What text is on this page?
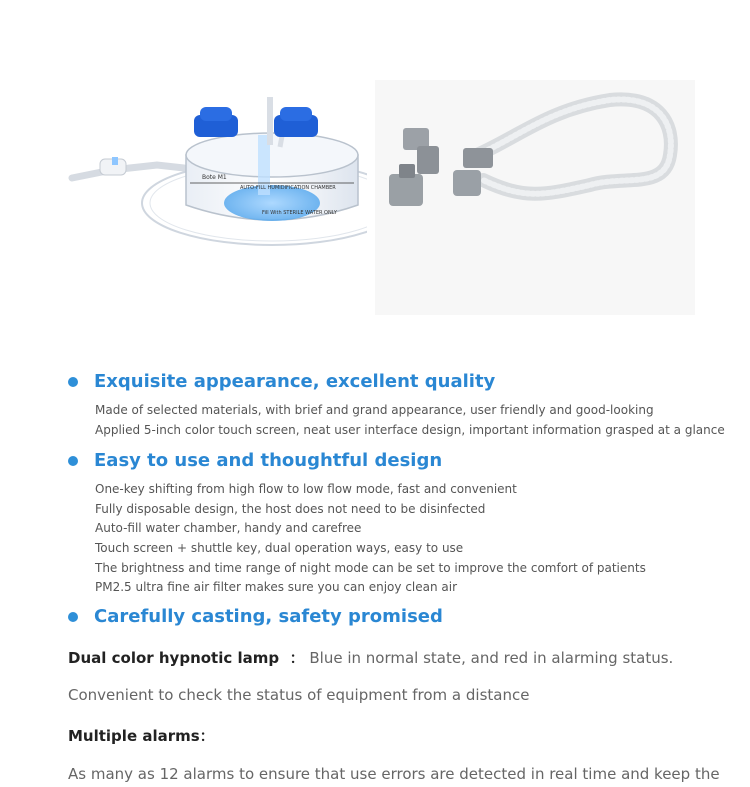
Bote M1
AUTO-FILL HUMIDIFICATION CHAMBER
Fill With STERILE WATER ONLY
Exquisite appearance, excellent quality
Made of selected materials, with brief and grand appearance, user friendly and good-looking
Applied 5-inch color touch screen, neat user interface design, important information grasped at a glance
Easy to use and thoughtful design
One-key shifting from high flow to low flow mode, fast and convenient
Fully disposable design, the host does not need to be disinfected
Auto-fill water chamber, handy and carefree
Touch screen + shuttle key, dual operation ways, easy to use
The brightness and time range of night mode can be set to improve the comfort of patients
PM2.5 ultra fine air filter makes sure you can enjoy clean air
Carefully casting, safety promised
Dual color hypnotic lamp  ： Blue in normal state, and red in alarming status.
Convenient to check the status of equipment from a distance
Multiple alarms：
As many as 12 alarms to ensure that use errors are detected in real time and keep the
